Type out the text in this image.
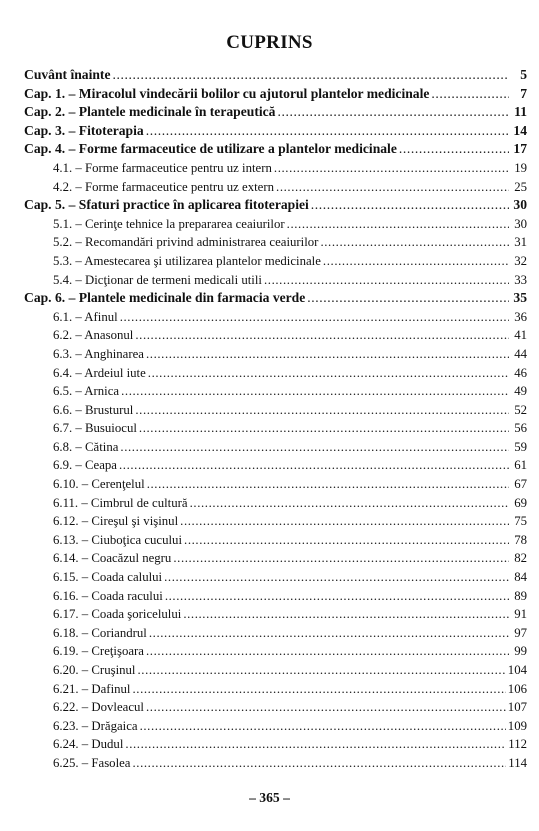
CUPRINS
Cuvânt înainte .....	5
Cap. 1. – Miracolul vindecării bolilor cu ajutorul plantelor medicinale .....	7
Cap. 2. – Plantele medicinale în terapeutică .....	11
Cap. 3. – Fitoterapia .....	14
Cap. 4. – Forme farmaceutice de utilizare a plantelor medicinale .....	17
4.1. – Forme farmaceutice pentru uz intern .....	19
4.2. – Forme farmaceutice pentru uz extern .....	25
Cap. 5. – Sfaturi practice în aplicarea fitoterapiei .....	30
5.1. – Cerinţe tehnice la prepararea ceaiurilor .....	30
5.2. – Recomandări privind administrarea ceaiurilor .....	31
5.3. – Amestecarea şi utilizarea plantelor medicinale .....	32
5.4. – Dicţionar de termeni medicali utili .....	33
Cap. 6. – Plantele medicinale din farmacia verde .....	35
6.1. – Afinul .....	36
6.2. – Anasonul .....	41
6.3. – Anghinarea .....	44
6.4. – Ardeiul iute .....	46
6.5. – Arnica .....	49
6.6. – Brusturul .....	52
6.7. – Busuiocul .....	56
6.8. – Cătina .....	59
6.9. – Ceapa .....	61
6.10. – Cerenţelul .....	67
6.11. – Cimbrul de cultură .....	69
6.12. – Cireşul şi vişinul .....	75
6.13. – Ciuboţica cucului .....	78
6.14. – Coacăzul negru .....	82
6.15. – Coada calului .....	84
6.16. – Coada racului .....	89
6.17. – Coada şoricelului .....	91
6.18. – Coriandrul .....	97
6.19. – Creţişoara .....	99
6.20. – Cruşinul .....	104
6.21. – Dafinul .....	106
6.22. – Dovleacul .....	107
6.23. – Drăgaica .....	109
6.24. – Dudul .....	112
6.25. – Fasolea .....	114
– 365 –
